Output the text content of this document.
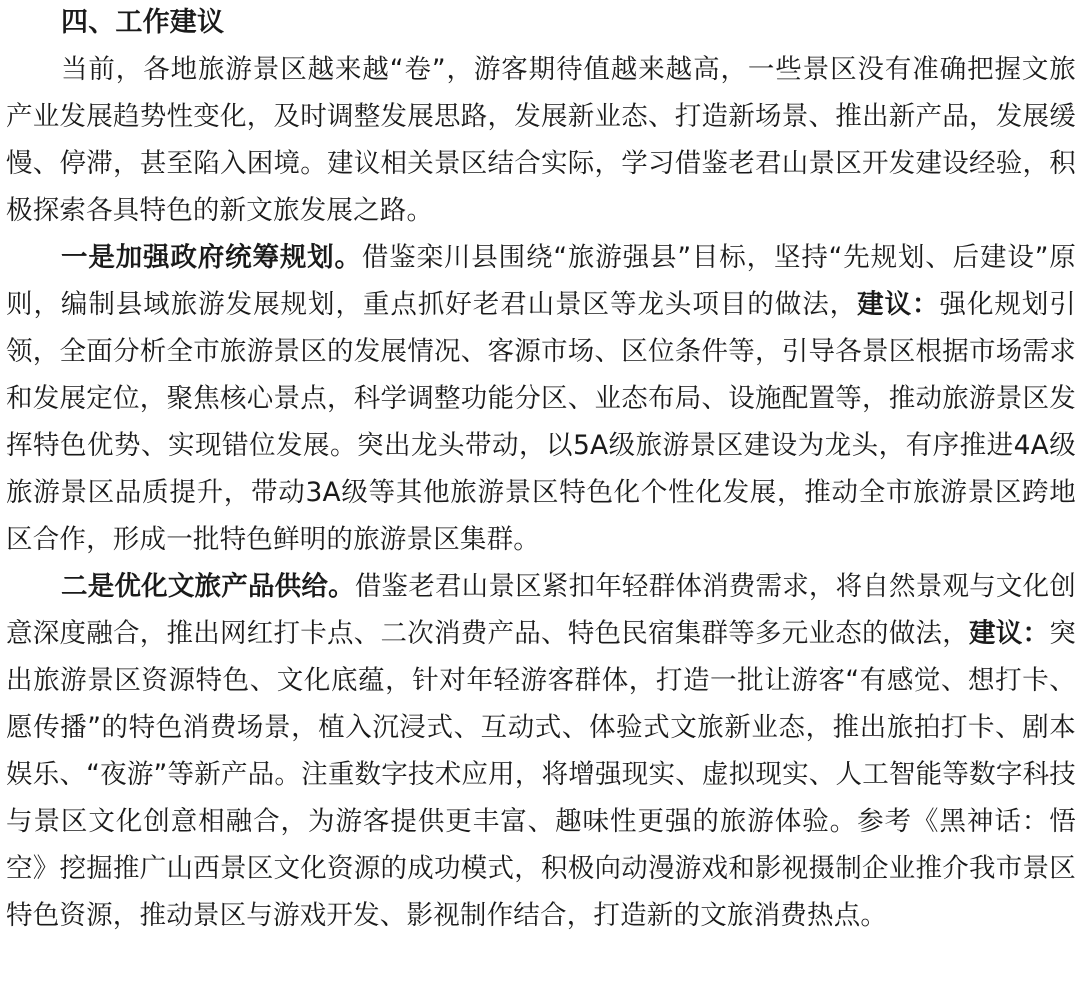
四、工作建议

当前，各地旅游景区越来越“卷”，游客期待值越来越高，一些景区没有准确把握文旅产业发展趋势性变化，及时调整发展思路，发展新业态、打造新场景、推出新产品，发展缓慢、停滞，甚至陷入困境。建议相关景区结合实际，学习借鉴老君山景区开发建设经验，积极探索各具特色的新文旅发展之路。

一是加强政府统筹规划。借鉴栾川县围绕“旅游强县”目标，坚持“先规划、后建设”原则，编制县域旅游发展规划，重点抓好老君山景区等龙头项目的做法，建议：强化规划引领，全面分析全市旅游景区的发展情况、客源市场、区位条件等，引导各景区根据市场需求和发展定位，聚焦核心景点，科学调整功能分区、业态布局、设施配置等，推动旅游景区发挥特色优势、实现错位发展。突出龙头带动，以5A级旅游景区建设为龙头，有序推进4A级旅游景区品质提升，带动3A级等其他旅游景区特色化个性化发展，推动全市旅游景区跨地区合作，形成一批特色鲜明的旅游景区集群。

二是优化文旅产品供给。借鉴老君山景区紧扣年轻群体消费需求，将自然景观与文化创意深度融合，推出网红打卡点、二次消费产品、特色民宿集群等多元业态的做法，建议：突出旅游景区资源特色、文化底蕴，针对年轻游客群体，打造一批让游客“有感觉、想打卡、愿传播”的特色消费场景，植入沉浸式、互动式、体验式文旅新业态，推出旅拍打卡、剧本娱乐、“夜游”等新产品。注重数字技术应用，将增强现实、虚拟现实、人工智能等数字科技与景区文化创意相融合，为游客提供更丰富、趣味性更强的旅游体验。参考《黑神话：悟空》挖掘推广山西景区文化资源的成功模式，积极向动漫游戏和影视摄制企业推介我市景区特色资源，推动景区与游戏开发、影视制作结合，打造新的文旅消费热点。
